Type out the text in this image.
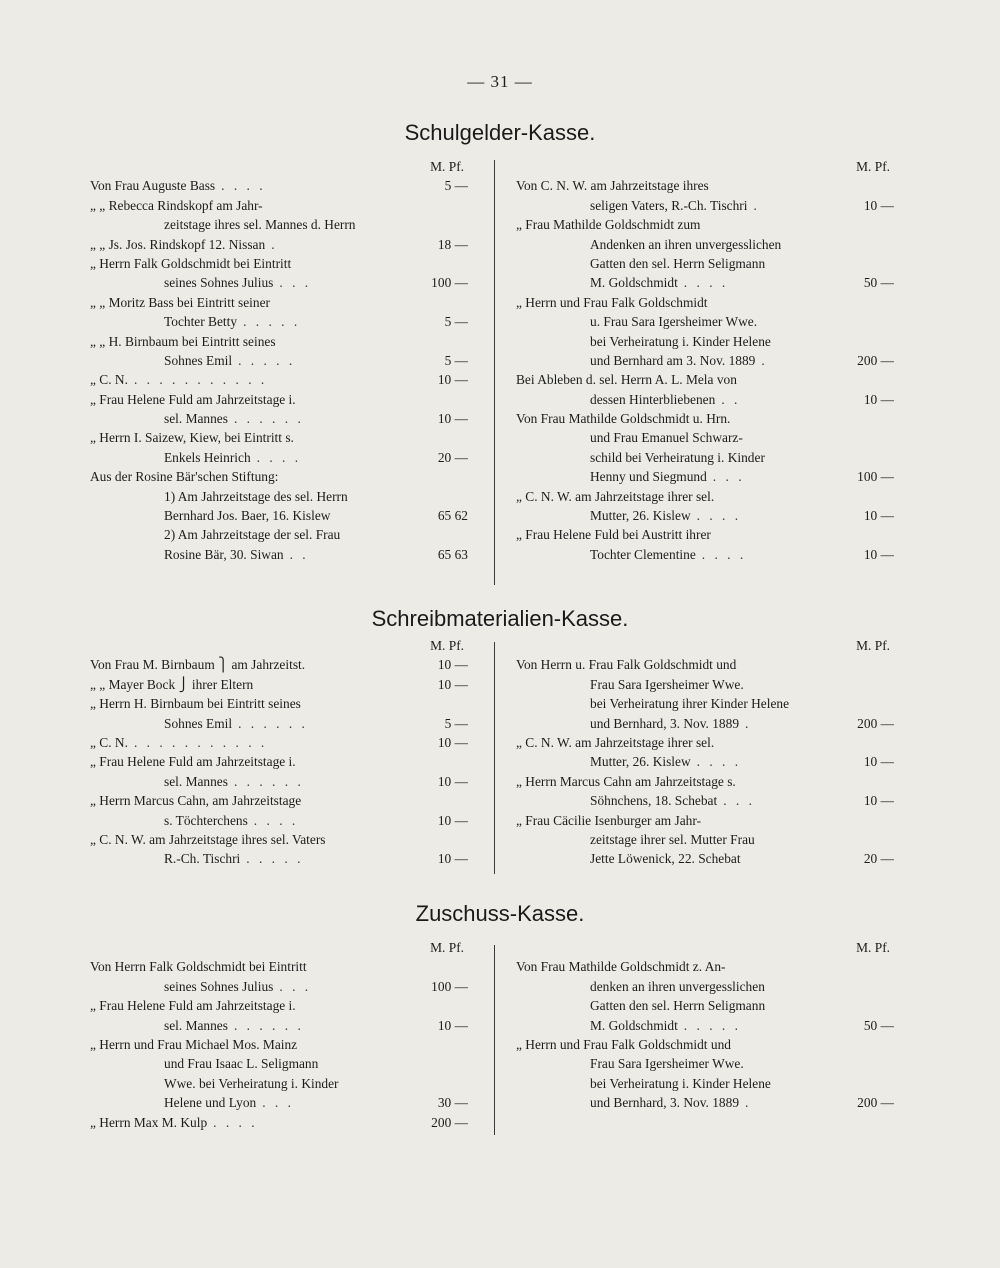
— 31 —
Schulgelder-Kasse.
M. Pf.
Von Frau Auguste Bass . . . .	5 —
„ „ Rebecca Rindskopf am Jahr-
zeitstage ihres sel. Mannes d. Herrn
„ „ Js. Jos. Rindskopf 12. Nissan .	18 —
„ Herrn Falk Goldschmidt bei Eintritt
seines Sohnes Julius . . .	100 —
„ „ Moritz Bass bei Eintritt seiner
Tochter Betty . . . . .	5 —
„ „ H. Birnbaum bei Eintritt seines
Sohnes Emil . . . . .	5 —
„ C. N. . . . . . . . . . . .	10 —
„ Frau Helene Fuld am Jahrzeitstage i.
sel. Mannes . . . . . .	10 —
„ Herrn I. Saizew, Kiew, bei Eintritt s.
Enkels Heinrich . . . .	20 —
Aus der Rosine Bär'schen Stiftung:
1) Am Jahrzeitstage des sel. Herrn
Bernhard Jos. Baer, 16. Kislew	65 62
2) Am Jahrzeitstage der sel. Frau
Rosine Bär, 30. Siwan . .	65 63
M. Pf.
Von C. N. W. am Jahrzeitstage ihres
seligen Vaters, R.-Ch. Tischri .	10 —
„ Frau Mathilde Goldschmidt zum
Andenken an ihren unvergesslichen
Gatten den sel. Herrn Seligmann
M. Goldschmidt . . . .	50 —
„ Herrn und Frau Falk Goldschmidt
u. Frau Sara Igersheimer Wwe.
bei Verheiratung i. Kinder Helene
und Bernhard am 3. Nov. 1889 .	200 —
Bei Ableben d. sel. Herrn A. L. Mela von
dessen Hinterbliebenen . .	10 —
Von Frau Mathilde Goldschmidt u. Hrn.
und Frau Emanuel Schwarz-
schild bei Verheiratung i. Kinder
Henny und Siegmund . . .	100 —
„ C. N. W. am Jahrzeitstage ihrer sel.
Mutter, 26. Kislew . . . .	10 —
„ Frau Helene Fuld bei Austritt ihrer
Tochter Clementine . . . .	10 —
Schreibmaterialien-Kasse.
M. Pf.
Von Frau M. Birnbaum ⎫ am Jahrzeitst.	10 —
„ „ Mayer Bock ⎭ ihrer Eltern	10 —
„ Herrn H. Birnbaum bei Eintritt seines
Sohnes Emil . . . . . .	5 —
„ C. N. . . . . . . . . . . .	10 —
„ Frau Helene Fuld am Jahrzeitstage i.
sel. Mannes . . . . . .	10 —
„ Herrn Marcus Cahn, am Jahrzeitstage
s. Töchterchens . . . .	10 —
„ C. N. W. am Jahrzeitstage ihres sel. Vaters
R.-Ch. Tischri . . . . .	10 —
M. Pf.
Von Herrn u. Frau Falk Goldschmidt und
Frau Sara Igersheimer Wwe.
bei Verheiratung ihrer Kinder Helene
und Bernhard, 3. Nov. 1889 .	200 —
„ C. N. W. am Jahrzeitstage ihrer sel.
Mutter, 26. Kislew . . . .	10 —
„ Herrn Marcus Cahn am Jahrzeitstage s.
Söhnchens, 18. Schebat . . .	10 —
„ Frau Cäcilie Isenburger am Jahr-
zeitstage ihrer sel. Mutter Frau
Jette Löwenick, 22. Schebat	20 —
Zuschuss-Kasse.
M. Pf.
Von Herrn Falk Goldschmidt bei Eintritt
seines Sohnes Julius . . .	100 —
„ Frau Helene Fuld am Jahrzeitstage i.
sel. Mannes . . . . . .	10 —
„ Herrn und Frau Michael Mos. Mainz
und Frau Isaac L. Seligmann
Wwe. bei Verheiratung i. Kinder
Helene und Lyon . . .	30 —
„ Herrn Max M. Kulp . . . .	200 —
M. Pf.
Von Frau Mathilde Goldschmidt z. An-
denken an ihren unvergesslichen
Gatten den sel. Herrn Seligmann
M. Goldschmidt . . . . .	50 —
„ Herrn und Frau Falk Goldschmidt und
Frau Sara Igersheimer Wwe.
bei Verheiratung i. Kinder Helene
und Bernhard, 3. Nov. 1889 .	200 —
